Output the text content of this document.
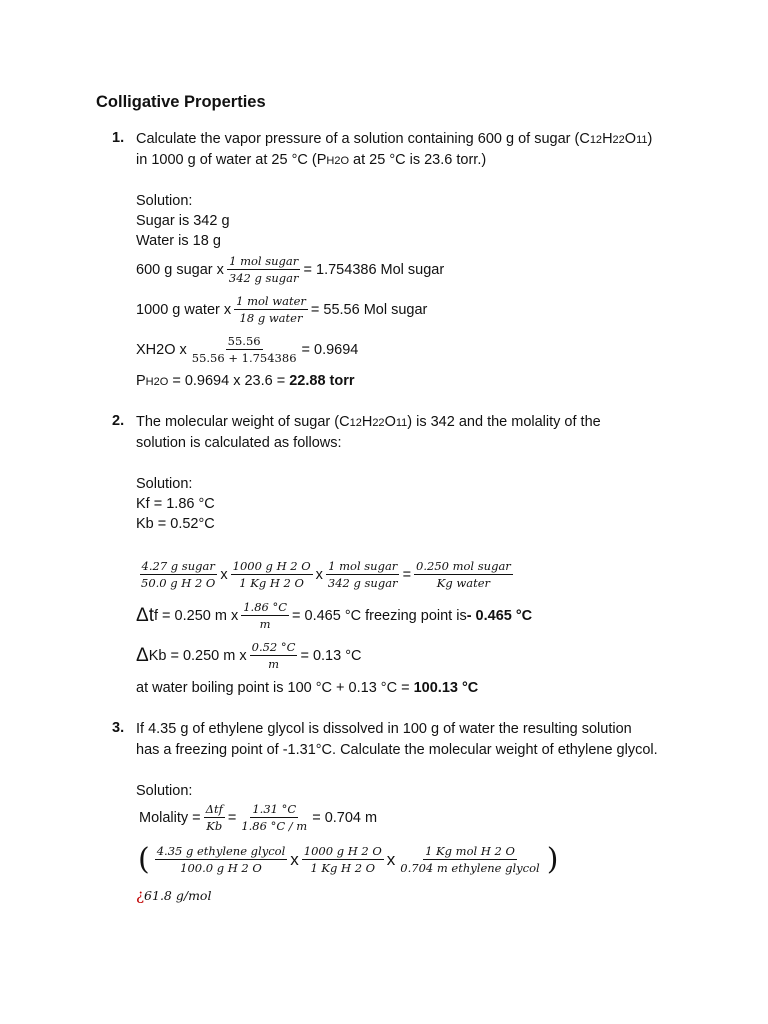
Colligative Properties
1. Calculate the vapor pressure of a solution containing 600 g of sugar (C12H22O11)
in 1000 g of water at 25 °C (PH2O at 25 °C is 23.6 torr.)
Solution:
Sugar is 342 g
Water is 18 g
600 g sugar x $\frac{\text{1 mol sugar}}{\text{342 g sugar}} = 1.754386$ Mol sugar
1000 g water x $\frac{\text{1 mol water}}{\text{18 g water}} = 55.56$ Mol sugar
XH2O x $\frac{55.56}{55.56 + 1.754386} = 0.9694$
PH2O = 0.9694 x 23.6 = 22.88 torr
2. The molecular weight of sugar (C12H22O11) is 342 and the molality of the
solution is calculated as follows:
Solution:
Kf = 1.86 °C
Kb = 0.52°C
$\frac{\text{4.27 g sugar}}{\text{50.0 g H 2 O}}$ x $\frac{\text{1000 g H 2 O}}{\text{1 Kg H 2 O}}$ x $\frac{\text{1 mol sugar}}{\text{342 g sugar}} = \frac{\text{0.250 mol sugar}}{\text{Kg water}}$
Δ t f = 0.250 m x $\frac{1.86 ^\circ C}{m} = 0.465$ °C freezing point is - 0.465 °C
Δ Kb = 0.250 m x $\frac{0.52 ^\circ C}{m} = 0.13$ °C
at water boiling point is 100 °C + 0.13 °C = 100.13 °C
3. If 4.35 g of ethylene glycol is dissolved in 100 g of water the resulting solution
has a freezing point of -1.31°C. Calculate the molecular weight of ethylene glycol.
Solution:
Molality = $\frac{\text{Δtf}}{Kb} = \frac{1.31 ^\circ C}{1.86 ^\circ C / m} = 0.704$ m
( $\frac{\text{4.35 g ethylene glycol}}{\text{100.0 g H 2 O}}$ x $\frac{\text{1000 g H 2 O}}{\text{1 Kg H 2 O}}$ x $\frac{\text{1 Kg mol H 2 O}}{\text{0.704 m ethylene glycol}}$ )
¿61.8 g/mol
